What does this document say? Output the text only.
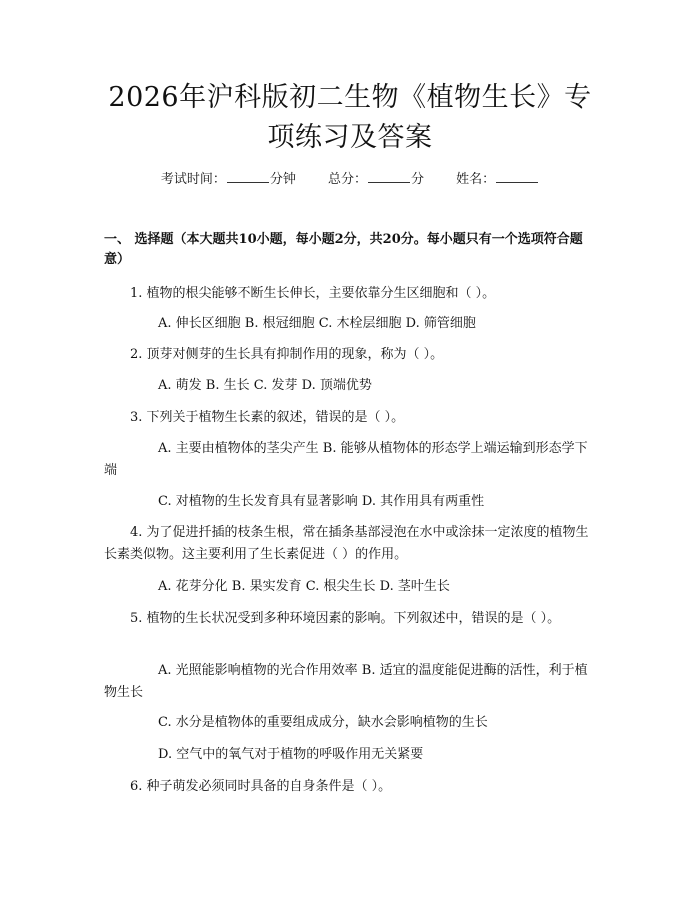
2026年沪科版初二生物《植物生长》专项练习及答案
考试时间：	分钟 总分：	分 姓名：
一、 选择题（本大题共10小题，每小题2分，共20分。每小题只有一个选项符合题意）
1. 植物的根尖能够不断生长伸长，主要依靠分生区细胞和（ ）。
A. 伸长区细胞 B. 根冠细胞 C. 木栓层细胞 D. 筛管细胞
2. 顶芽对侧芽的生长具有抑制作用的现象，称为（ ）。
A. 萌发 B. 生长 C. 发芽 D. 顶端优势
3. 下列关于植物生长素的叙述，错误的是（ ）。
A. 主要由植物体的茎尖产生 B. 能够从植物体的形态学上端运输到形态学下端
C. 对植物的生长发育具有显著影响 D. 其作用具有两重性
4. 为了促进扦插的枝条生根，常在插条基部浸泡在水中或涂抹一定浓度的植物生长素类似物。这主要利用了生长素促进（ ）的作用。
A. 花芽分化 B. 果实发育 C. 根尖生长 D. 茎叶生长
5. 植物的生长状况受到多种环境因素的影响。下列叙述中，错误的是（ ）。
A. 光照能影响植物的光合作用效率 B. 适宜的温度能促进酶的活性，利于植物生长
C. 水分是植物体的重要组成成分，缺水会影响植物的生长
D. 空气中的氧气对于植物的呼吸作用无关紧要
6. 种子萌发必须同时具备的自身条件是（ ）。
